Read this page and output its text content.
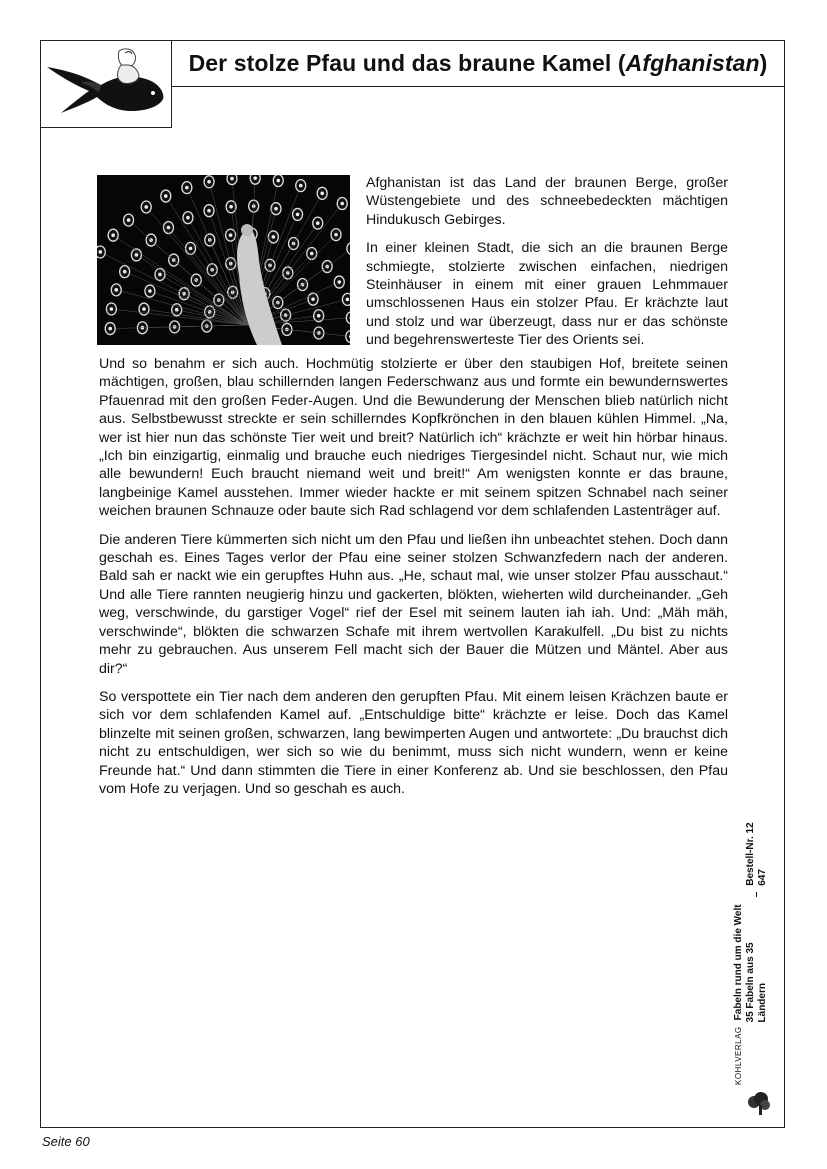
Der stolze Pfau und das braune Kamel (Afghanistan)

Afghanistan ist das Land der braunen Berge, großer Wüstengebiete und des schneebedeckten mächtigen Hindukusch Gebirges.

In einer kleinen Stadt, die sich an die braunen Berge schmiegte, stolzierte zwischen einfachen, niedrigen Steinhäuser in einem mit einer grauen Lehmmauer umschlossenen Haus ein stolzer Pfau. Er krächzte laut und stolz und war überzeugt, dass nur er das schönste und begehrenswerteste Tier des Orients sei.

Und so benahm er sich auch. Hochmütig stolzierte er über den staubigen Hof, breitete seinen mächtigen, großen, blau schillernden langen Federschwanz aus und formte ein bewundernswertes Pfauenrad mit den großen Feder-Augen. Und die Bewunderung der Menschen blieb natürlich nicht aus. Selbstbewusst streckte er sein schillerndes Kopfkrönchen in den blauen kühlen Himmel. „Na, wer ist hier nun das schönste Tier weit und breit? Natürlich ich“ krächzte er weit hin hörbar hinaus. „Ich bin einzigartig, einmalig und brauche euch niedriges Tiergesindel nicht. Schaut nur, wie mich alle bewundern! Euch braucht niemand weit und breit!“ Am wenigsten konnte er das braune, langbeinige Kamel ausstehen. Immer wieder hackte er mit seinem spitzen Schnabel nach seiner weichen braunen Schnauze oder baute sich Rad schlagend vor dem schlafenden Lastenträger auf.

Die anderen Tiere kümmerten sich nicht um den Pfau und ließen ihn unbeachtet stehen. Doch dann geschah es. Eines Tages verlor der Pfau eine seiner stolzen Schwanzfedern nach der anderen. Bald sah er nackt wie ein gerupftes Huhn aus. „He, schaut mal, wie unser stolzer Pfau ausschaut.“ Und alle Tiere rannten neugierig hinzu und gackerten, blökten, wieherten wild durcheinander. „Geh weg, verschwinde, du garstiger Vogel“ rief der Esel mit seinem lauten iah iah. Und: „Mäh mäh, verschwinde“, blökten die schwarzen Schafe mit ihrem wertvollen Karakulfell. „Du bist zu nichts mehr zu gebrauchen. Aus unserem Fell macht sich der Bauer die Mützen und Mäntel. Aber aus dir?“

So verspottete ein Tier nach dem anderen den gerupften Pfau. Mit einem leisen Krächzen baute er sich vor dem schlafenden Kamel auf. „Entschuldige bitte“ krächzte er leise. Doch das Kamel blinzelte mit seinen großen, schwarzen, lang bewimperten Augen und antwortete: „Du brauchst dich nicht zu entschuldigen, wer sich so wie du benimmt, muss sich nicht wundern, wenn er keine Freunde hat.“ Und dann stimmten die Tiere in einer Konferenz ab. Und sie beschlossen, den Pfau vom Hofe zu verjagen. Und so geschah es auch.

KOHLVERLAG
Fabeln rund um die Welt 35 Fabeln aus 35 Ländern
–
Bestell-Nr. 12 647
Seite 60
